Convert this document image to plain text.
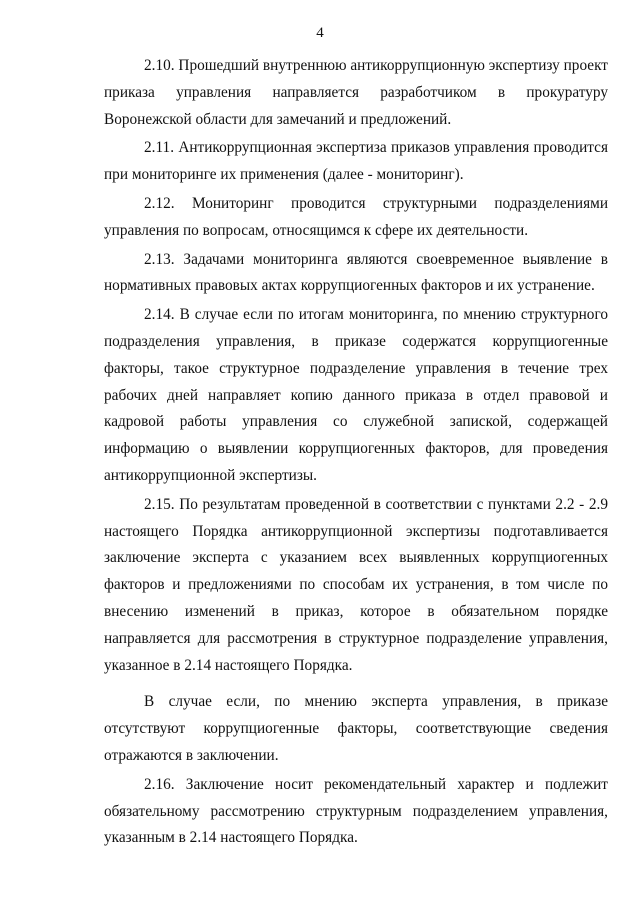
4

2.10. Прошедший внутреннюю антикоррупционную экспертизу проект приказа управления направляется разработчиком в прокуратуру Воронежской области для замечаний и предложений.

2.11. Антикоррупционная экспертиза приказов управления проводится при мониторинге их применения (далее - мониторинг).

2.12. Мониторинг проводится структурными подразделениями управления по вопросам, относящимся к сфере их деятельности.

2.13. Задачами мониторинга являются своевременное выявление в нормативных правовых актах коррупциогенных факторов и их устранение.

2.14. В случае если по итогам мониторинга, по мнению структурного подразделения управления, в приказе содержатся коррупциогенные факторы, такое структурное подразделение управления в течение трех рабочих дней направляет копию данного приказа в отдел правовой и кадровой работы управления со служебной запиской, содержащей информацию о выявлении коррупциогенных факторов, для проведения антикоррупционной экспертизы.

2.15. По результатам проведенной в соответствии с пунктами 2.2 - 2.9 настоящего Порядка антикоррупционной экспертизы подготавливается заключение эксперта с указанием всех выявленных коррупциогенных факторов и предложениями по способам их устранения, в том числе по внесению изменений в приказ, которое в обязательном порядке направляется для рассмотрения в структурное подразделение управления, указанное в 2.14 настоящего Порядка.

В случае если, по мнению эксперта управления, в приказе отсутствуют коррупциогенные факторы, соответствующие сведения отражаются в заключении.

2.16. Заключение носит рекомендательный характер и подлежит обязательному рассмотрению структурным подразделением управления, указанным в 2.14 настоящего Порядка.
